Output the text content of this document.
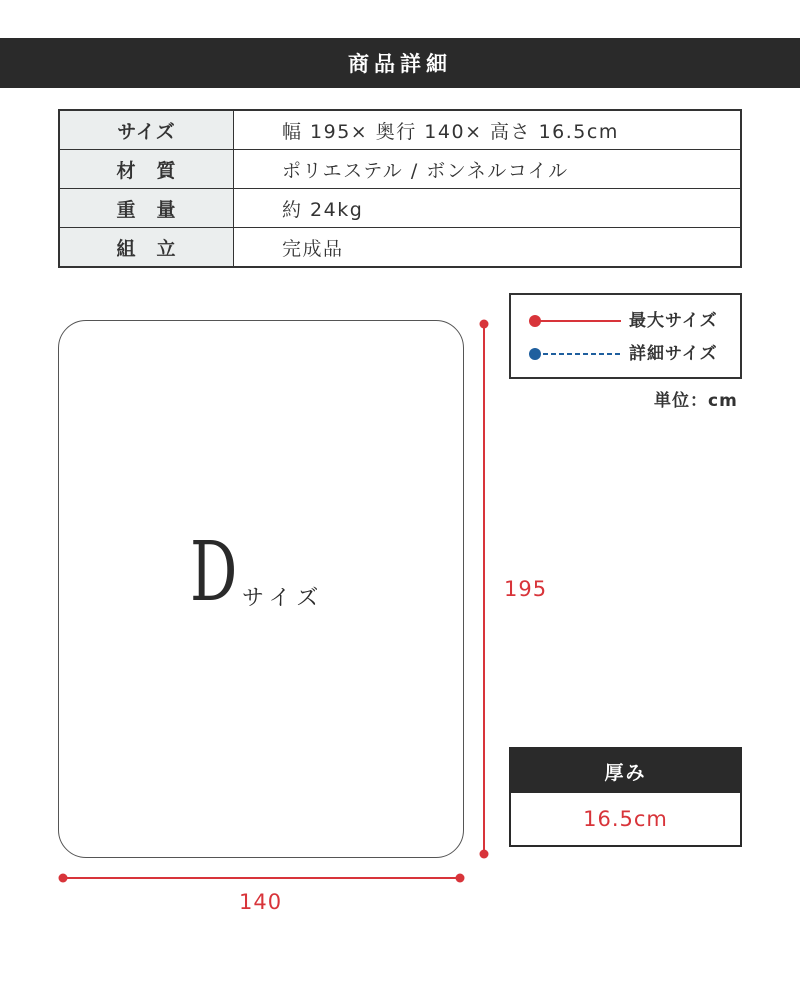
商品詳細
サイズ	幅 195× 奥行 140× 高さ 16.5cm
材　質	ポリエステル / ボンネルコイル
重　量	約 24kg
組　立	完成品
D サイズ
140
195
最大サイズ
詳細サイズ
単位：cm
厚み
16.5cm
